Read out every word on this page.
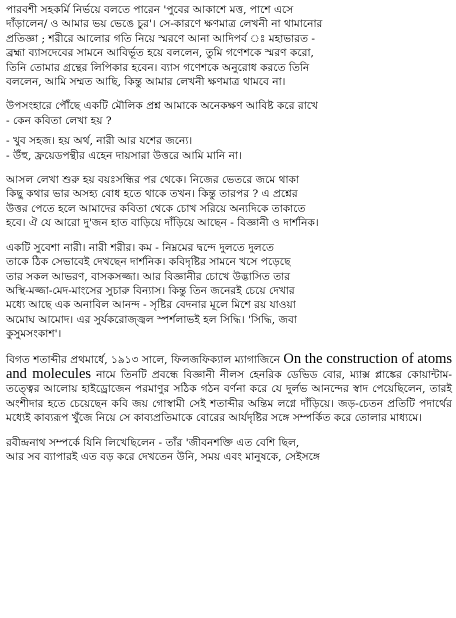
পারবশী সহকৰ্মি নির্ভয়ে বলতে পারেন 'পুবের আকাশে মত্ত, পাশে এসে
দাঁড়ালেন/ ও আমার ভয় ভেঙে চুর'। সে-কারণে ক্ষণমাত্র লেখনী না থামানোর
প্রতিজ্ঞা ; শরীরে আলোর গতি নিয়ে স্মরণে আনা আদিপর্ব ঃ মহাভারত -
ব্রহ্মা ব্যাসদেবের সামনে আবির্ভূত হয়ে বললেন, তুমি গণেশকে স্মরণ করো,
তিনি তোমার গ্রন্থের লিপিকার হবেন। ব্যাস গণেশকে অনুরোধ করতে তিনি
বললেন, আমি সম্মত আছি, কিন্তু আমার লেখনী ক্ষণমাত্র থামবে না।

উপসংহারে পৌঁছে একটি মৌলিক প্রশ্ন আমাকে অনেকক্ষণ আবিষ্ট করে রাখে
- কেন কবিতা লেখা হয় ?
- খুব সহজ। হয় অর্থ, নারী আর যশের জন্যে।
- উঁহু, ফ্রয়েডপন্থীর এহেন দায়সারা উত্তরে আমি মানি না।

আসল লেখা শুরু হয় বয়ঃসন্ধির পর থেকে। নিজের ভেতরে জমে থাকা
কিছু কথার ভার অসহ্য বোধ হতে থাকে তখন। কিন্তু তারপর ? এ প্রশ্নের
উত্তর পেতে হলে আমাদের কবিতা থেকে চোখ সরিয়ে অন্যদিকে তাকাতে
হবে। ঐ যে আরো দু'জন হাত বাড়িয়ে দাঁড়িয়ে আছেন - বিজ্ঞানী ও দার্শনিক।

একটি সুবেশা নারী। নারী শরীর। কম - নিম্নমের দ্বন্দে দুলতে দুলতে
তাকে ঠিক সেভাবেই দেখছেন দার্শনিক। কবিদৃষ্টির সামনে খসে পড়েছে
তার সকল আভরণ, বাসকসজ্জা। আর বিজ্ঞানীর চোখে উদ্ভাসিত তার
অস্থি-মজ্জা-মেদ-মাংসের সুচারু বিন্যাস। কিন্তু তিন জনেরই চেয়ে দেখার
মধ্যে আছে এক অনাবিল আনন্দ - সৃষ্টির বেদনার মূলে মিশে রয় যাওয়া
অমোঘ আমোদ। এর সুর্যকরোজ্জ্বল স্পর্শলাভই হল সিদ্ধি। 'সিদ্ধি, জবা
কুসুমসংকাশ'।

বিগত শতাব্দীর প্রথমার্ধে, ১৯১৩ সালে, ফিলজফিক্যাল ম্যাগাজিনে On the construction of atoms and molecules নামে তিনটি প্রবন্ধে বিজ্ঞানী নীলস হেনরিক ডেভিড বোর, ম্যাক্স প্লাঙ্কের কোয়ান্টাম-তত্ত্বের আলোয় হাইড্রোজেন পরমাণুর সঠিক গঠন বর্ণনা করে যে দুর্লভ আনন্দের স্বাদ পেয়েছিলেন, তারই অংশীদার হতে চেয়েছেন কবি জয় গোস্বামী সেই শতাব্দীর অন্তিম লগ্নে দাঁড়িয়ে। জড়-চেতন প্রতিটি পদার্থের মধ্যেই কাব্যরূপ খুঁজে নিয়ে সে কাব্যপ্রতিমাকে বোরের আর্যদৃষ্টির সঙ্গে সম্পর্কিত করে তোলার মাধ্যমে।

রবীন্দ্রনাথ সম্পর্কে যিনি লিখেছিলেন - তাঁর 'জীবনশক্তি এত বেশি ছিল,
আর সব ব্যাপারই এত বড় করে দেখতেন উনি, সময় এবং মানুষকে, সেইসঙ্গে
